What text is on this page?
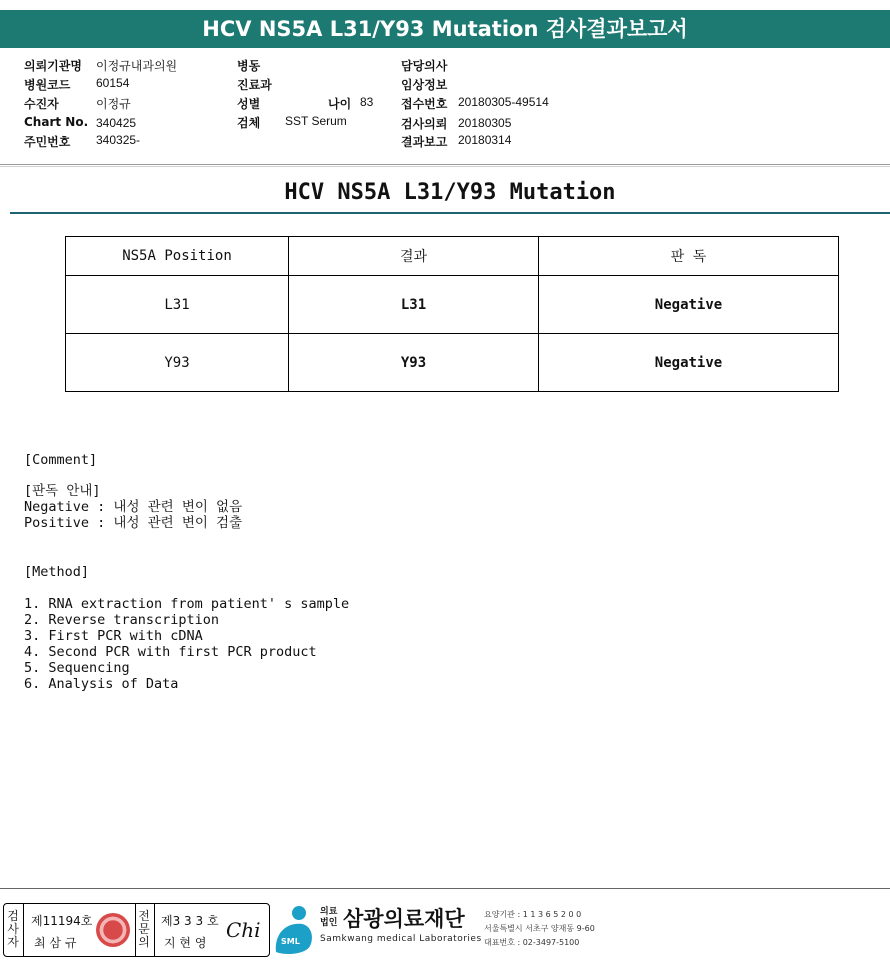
HCV NS5A L31/Y93 Mutation 검사결과보고서
의뢰기관명 이정규내과의원
병원코드 60154
수진자	이정규
Chart No. 340425
주민번호 340325-
병동
진료과
성별	나이 83
검체 SST Serum
담당의사
임상정보
접수번호 20180305-49514
검사의뢰 20180305
결과보고 20180314
HCV NS5A L31/Y93 Mutation
NS5A Position	결과	판 독
L31	L31	Negative
Y93	Y93	Negative
[Comment]
[판독 안내]
Negative : 내성 관련 변이 없음
Positive : 내성 관련 변이 검출
[Method]
1. RNA extraction from patient' s sample
2. Reverse transcription
3. First PCR with cDNA
4. Second PCR with first PCR product
5. Sequencing
6. Analysis of Data
검
사
자
제11194호
최 삼 규
전
문
의
제3 3 3 호
지 현 영
Chi	SML
의료
법인 삼광의료재단
Samkwang medical Laboratories
요양기관 : 1 1 3 6 5 2 0 0
서울특별시 서초구 양재동 9-60
대표번호 : 02-3497-5100
